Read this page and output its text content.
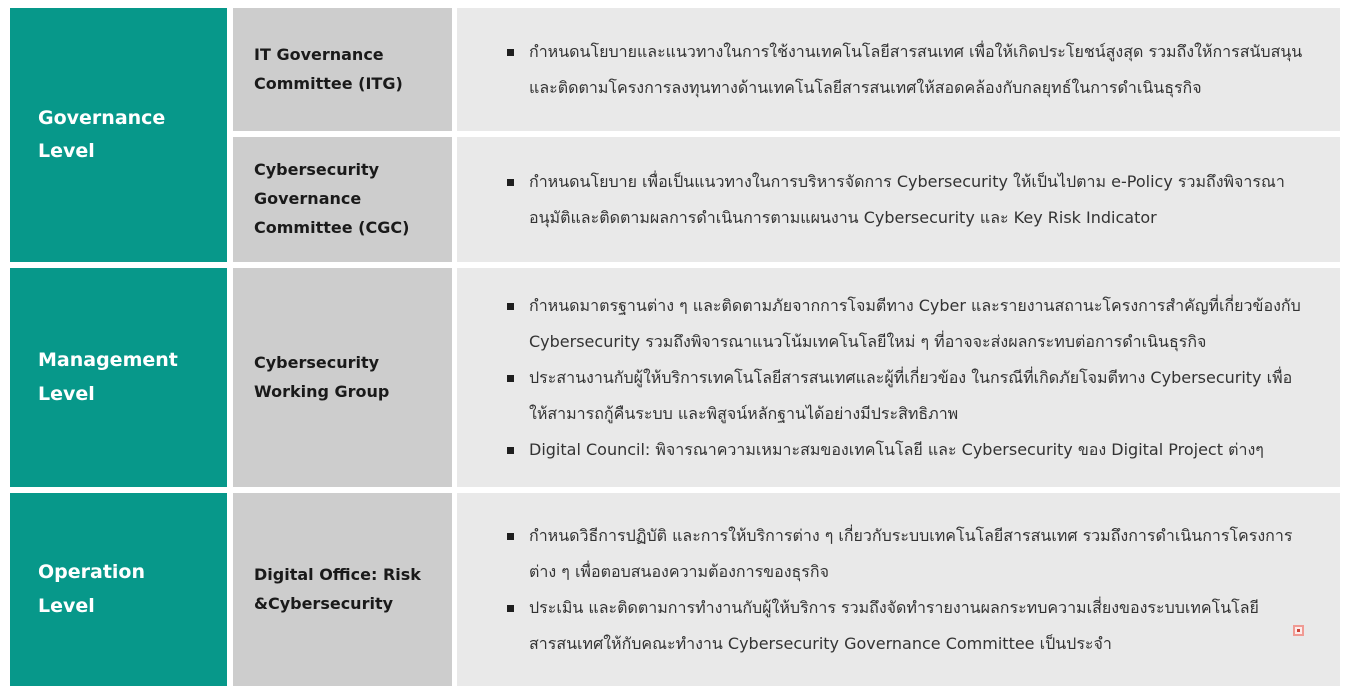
Governance Level
IT Governance Committee (ITG)
กำหนดนโยบายและแนวทางในการใช้งานเทคโนโลยีสารสนเทศ เพื่อให้เกิดประโยชน์สูงสุด รวมถึงให้การสนับสนุนและติดตามโครงการลงทุนทางด้านเทคโนโลยีสารสนเทศให้สอดคล้องกับกลยุทธ์ในการดำเนินธุรกิจ
Cybersecurity Governance Committee (CGC)
กำหนดนโยบาย เพื่อเป็นแนวทางในการบริหารจัดการ Cybersecurity ให้เป็นไปตาม e-Policy รวมถึงพิจารณาอนุมัติและติดตามผลการดำเนินการตามแผนงาน Cybersecurity และ Key Risk Indicator
Management Level
Cybersecurity Working Group
กำหนดมาตรฐานต่าง ๆ และติดตามภัยจากการโจมตีทาง Cyber และรายงานสถานะโครงการสำคัญที่เกี่ยวข้องกับ Cybersecurity รวมถึงพิจารณาแนวโน้มเทคโนโลยีใหม่ ๆ ที่อาจจะส่งผลกระทบต่อการดำเนินธุรกิจ
ประสานงานกับผู้ให้บริการเทคโนโลยีสารสนเทศและผู้ที่เกี่ยวข้อง ในกรณีที่เกิดภัยโจมตีทาง Cybersecurity เพื่อให้สามารถกู้คืนระบบ และพิสูจน์หลักฐานได้อย่างมีประสิทธิภาพ
Digital Council: พิจารณาความเหมาะสมของเทคโนโลยี และ Cybersecurity ของ Digital Project ต่างๆ
Operation Level
Digital Office: Risk &Cybersecurity
กำหนดวิธีการปฏิบัติ และการให้บริการต่าง ๆ เกี่ยวกับระบบเทคโนโลยีสารสนเทศ รวมถึงการดำเนินการโครงการต่าง ๆ เพื่อตอบสนองความต้องการของธุรกิจ
ประเมิน และติดตามการทำงานกับผู้ให้บริการ รวมถึงจัดทำรายงานผลกระทบความเสี่ยงของระบบเทคโนโลยีสารสนเทศให้กับคณะทำงาน Cybersecurity Governance Committee เป็นประจำ
